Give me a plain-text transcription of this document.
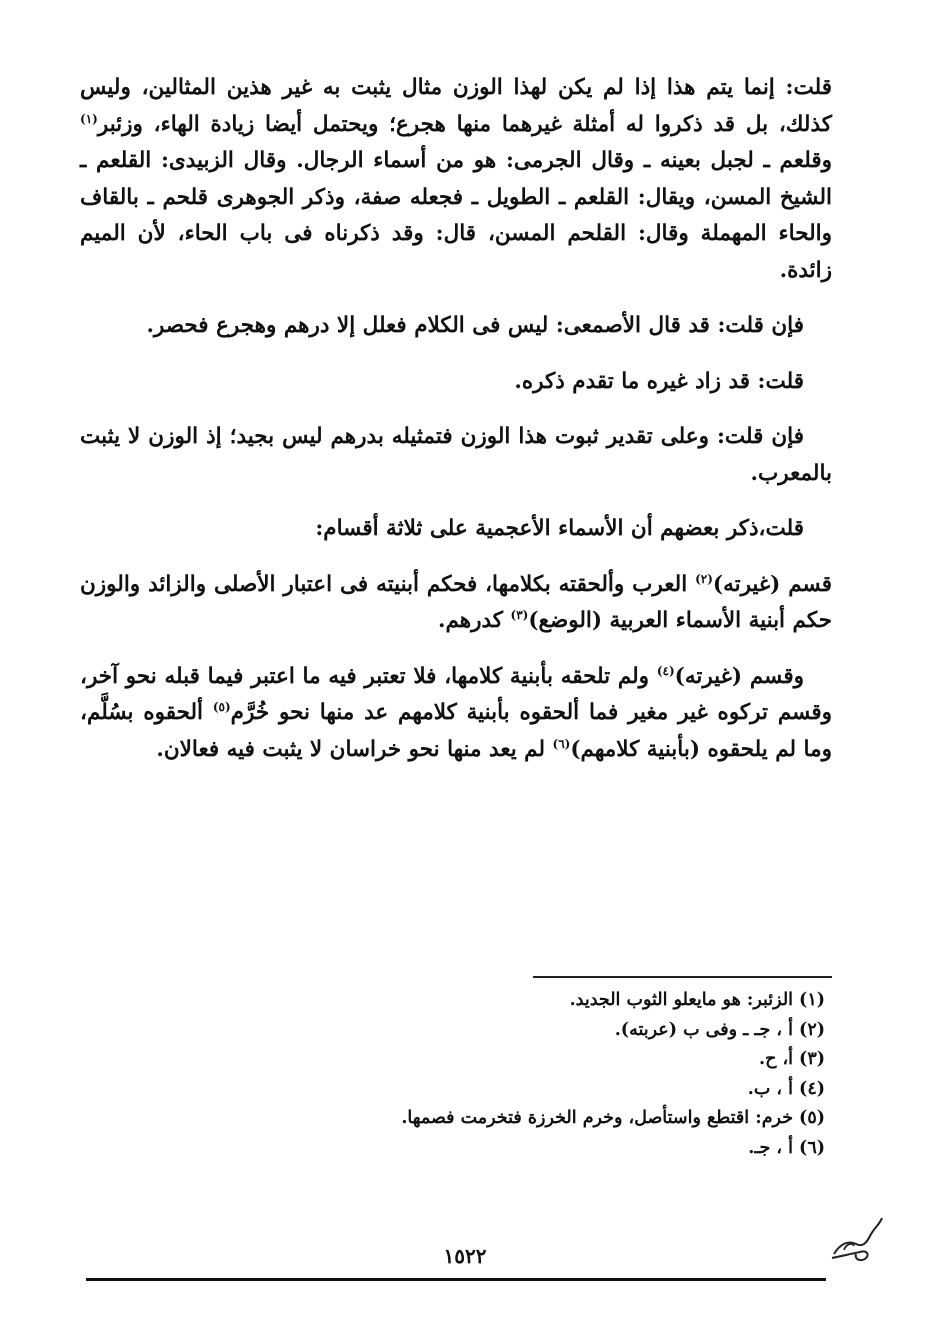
قلت: إنما يتم هذا إذا لم يكن لهذا الوزن مثال يثبت به غير هذين المثالين، وليس كذلك، بل قد ذكروا له أمثلة غيرهما منها هجرع؛ ويحتمل أيضا زيادة الهاء، وزئبر$^{(١)}$ وقلعم ـ لجبل بعينه ـ وقال الجرمى: هو من أسماء الرجال. وقال الزبيدى: القلعم ـ الشيخ المسن، ويقال: القلعم ـ الطويل ـ فجعله صفة، وذكر الجوهرى قلحم ـ بالقاف والحاء المهملة وقال: القلحم المسن، قال: وقد ذكرناه فى باب الحاء، لأن الميم زائدة.

فإن قلت: قد قال الأصمعى: ليس فى الكلام فعلل إلا درهم وهجرع فحصر.

قلت: قد زاد غيره ما تقدم ذكره.

فإن قلت: وعلى تقدير ثبوت هذا الوزن فتمثيله بدرهم ليس بجيد؛ إذ الوزن لا يثبت بالمعرب.

قلت،ذكر بعضهم أن الأسماء الأعجمية على ثلاثة أقسام:

قسم (غيرته)$^{(٢)}$ العرب وألحقته بكلامها، فحكم أبنيته فى اعتبار الأصلى والزائد والوزن حكم أبنية الأسماء العربية (الوضع)$^{(٣)}$ كدرهم.

وقسم (غيرته)$^{(٤)}$ ولم تلحقه بأبنية كلامها، فلا تعتبر فيه ما اعتبر فيما قبله نحو آخر، وقسم تركوه غير مغير فما ألحقوه بأبنية كلامهم عد منها نحو خُرَّم$^{(٥)}$ ألحقوه بسُلَّم، وما لم يلحقوه (بأبنية كلامهم)$^{(٦)}$ لم يعد منها نحو خراسان لا يثبت فيه فعالان.

(١)الزئبر: هو مايعلو الثوب الجديد.

(٢)أ ، جـ ـ وفى ب (عربته).

(٣)أ، ح.

(٤)أ ، ب.

(٥)خرم: اقتطع واستأصل، وخرم الخرزة فتخرمت فصمها.

(٦)أ ، جـ.

١٥٢٢
